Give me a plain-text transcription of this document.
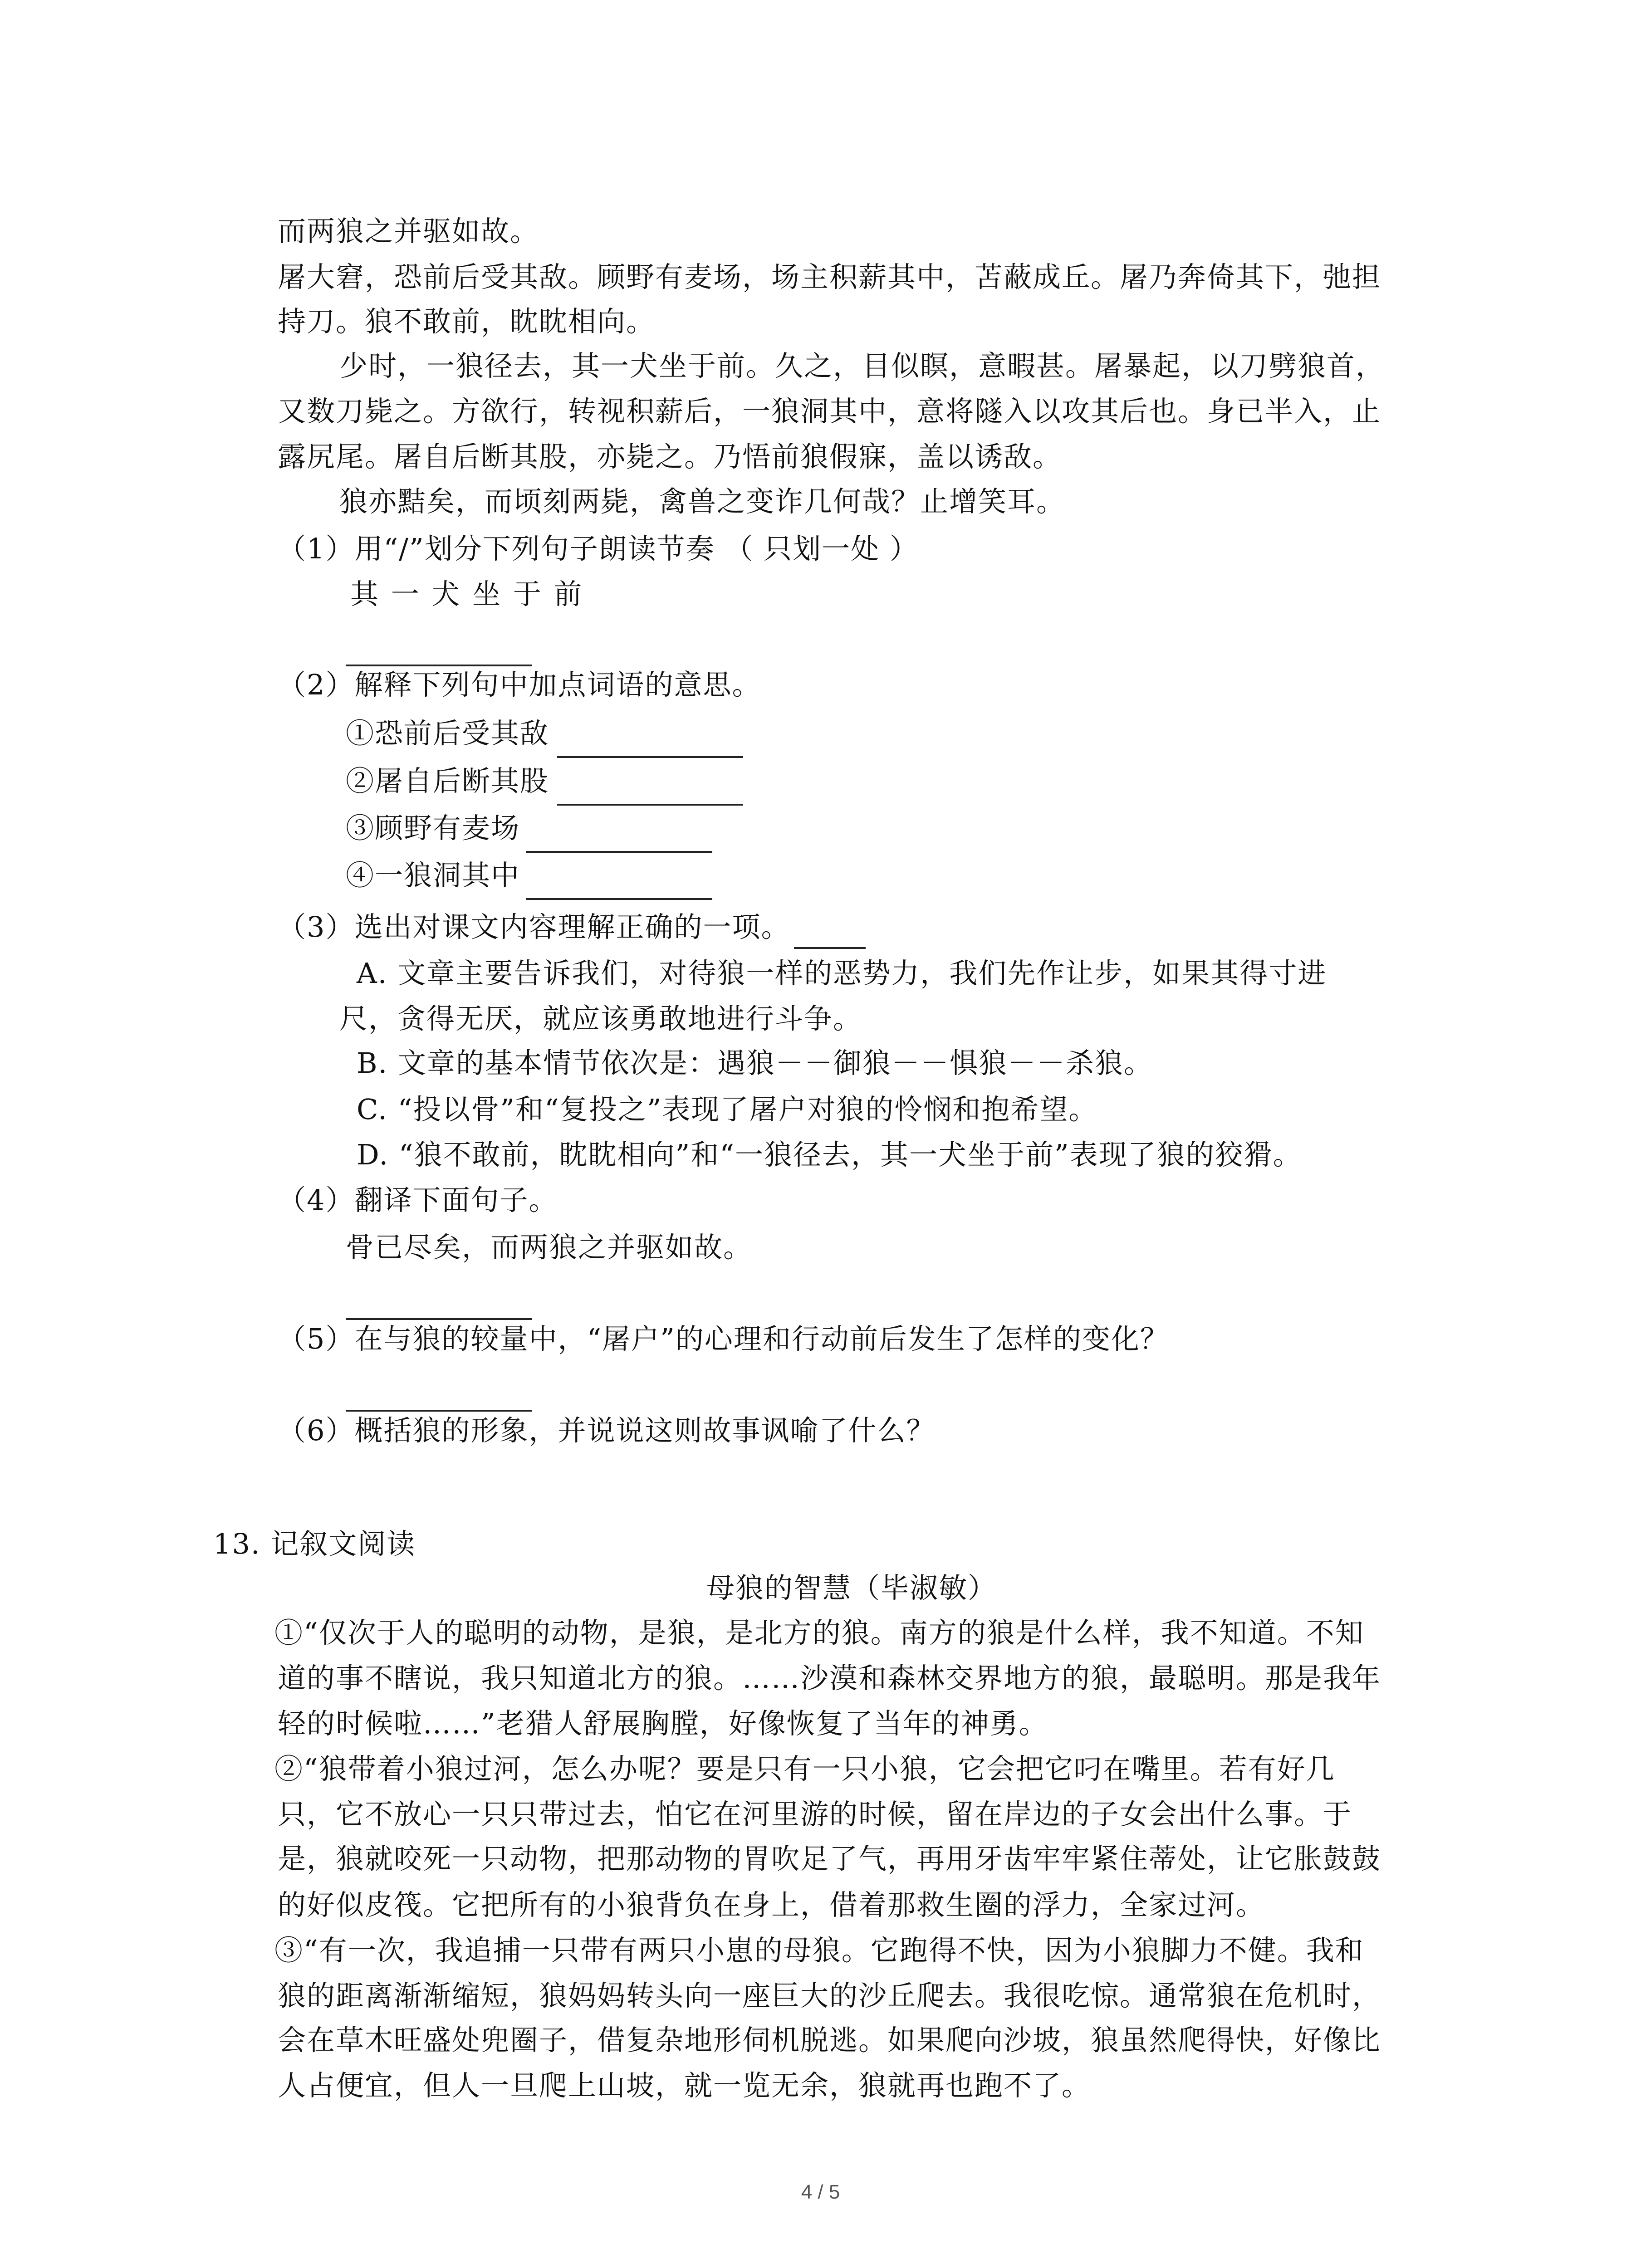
而两狼之并驱如故。
屠大窘，恐前后受其敌。顾野有麦场，场主积薪其中，苫蔽成丘。屠乃奔倚其下，弛担
持刀。狼不敢前，眈眈相向。
少时，一狼径去，其一犬坐于前。久之，目似瞑，意暇甚。屠暴起，以刀劈狼首，
又数刀毙之。方欲行，转视积薪后，一狼洞其中，意将隧入以攻其后也。身已半入，止
露尻尾。屠自后断其股，亦毙之。乃悟前狼假寐，盖以诱敌。
狼亦黠矣，而顷刻两毙，禽兽之变诈几何哉？止增笑耳。
（1）用“/”划分下列句子朗读节奏 （ 只划一处 ）
其 一 犬 坐 于 前
（2）解释下列句中加点词语的意思。
①恐前后受其敌
②屠自后断其股
③顾野有麦场
④一狼洞其中
（3）选出对课文内容理解正确的一项。
A. 文章主要告诉我们，对待狼一样的恶势力，我们先作让步，如果其得寸进
尺，贪得无厌，就应该勇敢地进行斗争。
B. 文章的基本情节依次是：遇狼－－御狼－－惧狼－－杀狼。
C. “投以骨”和“复投之”表现了屠户对狼的怜悯和抱希望。
D. “狼不敢前，眈眈相向”和“一狼径去，其一犬坐于前”表现了狼的狡猾。
（4）翻译下面句子。
骨已尽矣，而两狼之并驱如故。
（5）在与狼的较量中，“屠户”的心理和行动前后发生了怎样的变化？
（6）概括狼的形象，并说说这则故事讽喻了什么？
13. 记叙文阅读
母狼的智慧（毕淑敏）
①“仅次于人的聪明的动物，是狼，是北方的狼。南方的狼是什么样，我不知道。不知
道的事不瞎说，我只知道北方的狼。……沙漠和森林交界地方的狼，最聪明。那是我年
轻的时候啦……”老猎人舒展胸膛，好像恢复了当年的神勇。
②“狼带着小狼过河，怎么办呢？要是只有一只小狼，它会把它叼在嘴里。若有好几
只，它不放心一只只带过去，怕它在河里游的时候，留在岸边的子女会出什么事。于
是，狼就咬死一只动物，把那动物的胃吹足了气，再用牙齿牢牢紧住蒂处，让它胀鼓鼓
的好似皮筏。它把所有的小狼背负在身上，借着那救生圈的浮力，全家过河。
③“有一次，我追捕一只带有两只小崽的母狼。它跑得不快，因为小狼脚力不健。我和
狼的距离渐渐缩短，狼妈妈转头向一座巨大的沙丘爬去。我很吃惊。通常狼在危机时，
会在草木旺盛处兜圈子，借复杂地形伺机脱逃。如果爬向沙坡，狼虽然爬得快，好像比
人占便宜，但人一旦爬上山坡，就一览无余，狼就再也跑不了。
4 / 5
